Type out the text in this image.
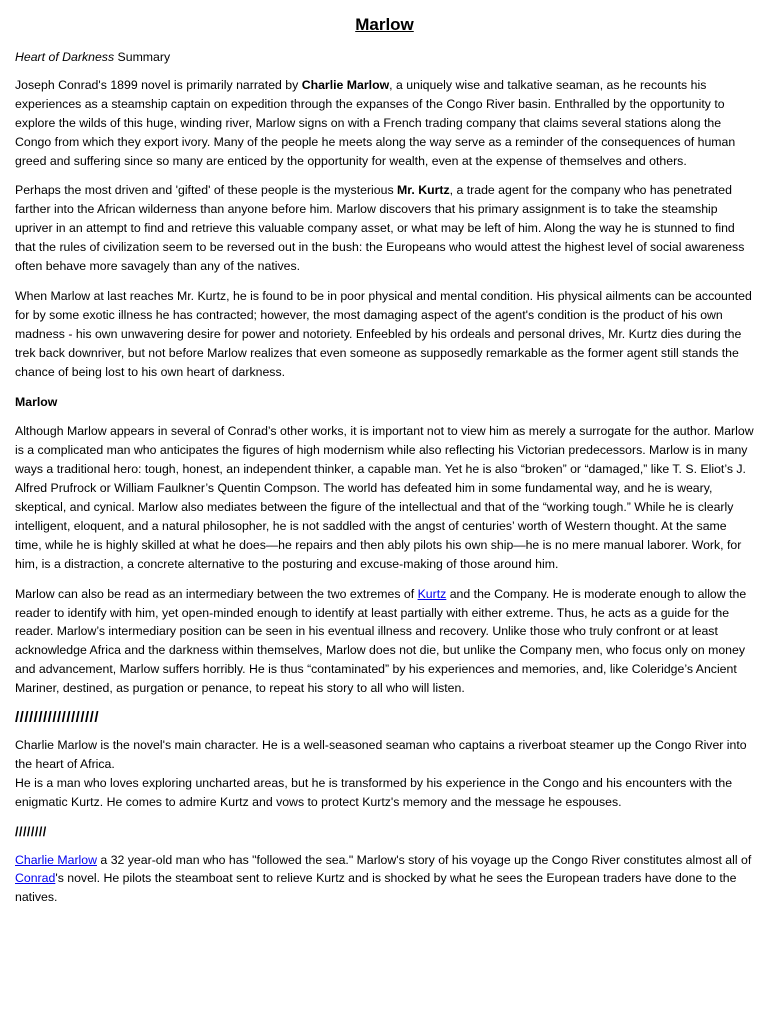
Marlow
Heart of Darkness Summary

Joseph Conrad's 1899 novel is primarily narrated by Charlie Marlow, a uniquely wise and talkative seaman, as he recounts his experiences as a steamship captain on expedition through the expanses of the Congo River basin. Enthralled by the opportunity to explore the wilds of this huge, winding river, Marlow signs on with a French trading company that claims several stations along the Congo from which they export ivory. Many of the people he meets along the way serve as a reminder of the consequences of human greed and suffering since so many are enticed by the opportunity for wealth, even at the expense of themselves and others.

Perhaps the most driven and 'gifted' of these people is the mysterious Mr. Kurtz, a trade agent for the company who has penetrated farther into the African wilderness than anyone before him. Marlow discovers that his primary assignment is to take the steamship upriver in an attempt to find and retrieve this valuable company asset, or what may be left of him. Along the way he is stunned to find that the rules of civilization seem to be reversed out in the bush: the Europeans who would attest the highest level of social awareness often behave more savagely than any of the natives.

When Marlow at last reaches Mr. Kurtz, he is found to be in poor physical and mental condition. His physical ailments can be accounted for by some exotic illness he has contracted; however, the most damaging aspect of the agent's condition is the product of his own madness - his own unwavering desire for power and notoriety. Enfeebled by his ordeals and personal drives, Mr. Kurtz dies during the trek back downriver, but not before Marlow realizes that even someone as supposedly remarkable as the former agent still stands the chance of being lost to his own heart of darkness.

Marlow

Although Marlow appears in several of Conrad’s other works, it is important not to view him as merely a surrogate for the author. Marlow is a complicated man who anticipates the figures of high modernism while also reflecting his Victorian predecessors. Marlow is in many ways a traditional hero: tough, honest, an independent thinker, a capable man. Yet he is also “broken” or “damaged,” like T. S. Eliot’s J. Alfred Prufrock or William Faulkner’s Quentin Compson. The world has defeated him in some fundamental way, and he is weary, skeptical, and cynical. Marlow also mediates between the figure of the intellectual and that of the “working tough.” While he is clearly intelligent, eloquent, and a natural philosopher, he is not saddled with the angst of centuries’ worth of Western thought. At the same time, while he is highly skilled at what he does—he repairs and then ably pilots his own ship—he is no mere manual laborer. Work, for him, is a distraction, a concrete alternative to the posturing and excuse-making of those around him.

Marlow can also be read as an intermediary between the two extremes of Kurtz and the Company. He is moderate enough to allow the reader to identify with him, yet open-minded enough to identify at least partially with either extreme. Thus, he acts as a guide for the reader. Marlow’s intermediary position can be seen in his eventual illness and recovery. Unlike those who truly confront or at least acknowledge Africa and the darkness within themselves, Marlow does not die, but unlike the Company men, who focus only on money and advancement, Marlow suffers horribly. He is thus “contaminated” by his experiences and memories, and, like Coleridge’s Ancient Mariner, destined, as purgation or penance, to repeat his story to all who will listen.

//////////////////

Charlie Marlow is the novel's main character. He is a well-seasoned seaman who captains a riverboat steamer up the Congo River into the heart of Africa.

He is a man who loves exploring uncharted areas, but he is transformed by his experience in the Congo and his encounters with the enigmatic Kurtz. He comes to admire Kurtz and vows to protect Kurtz's memory and the message he espouses.

////////

Charlie Marlow a 32 year-old man who has "followed the sea." Marlow's story of his voyage up the Congo River constitutes almost all of Conrad's novel. He pilots the steamboat sent to relieve Kurtz and is shocked by what he sees the European traders have done to the natives.
